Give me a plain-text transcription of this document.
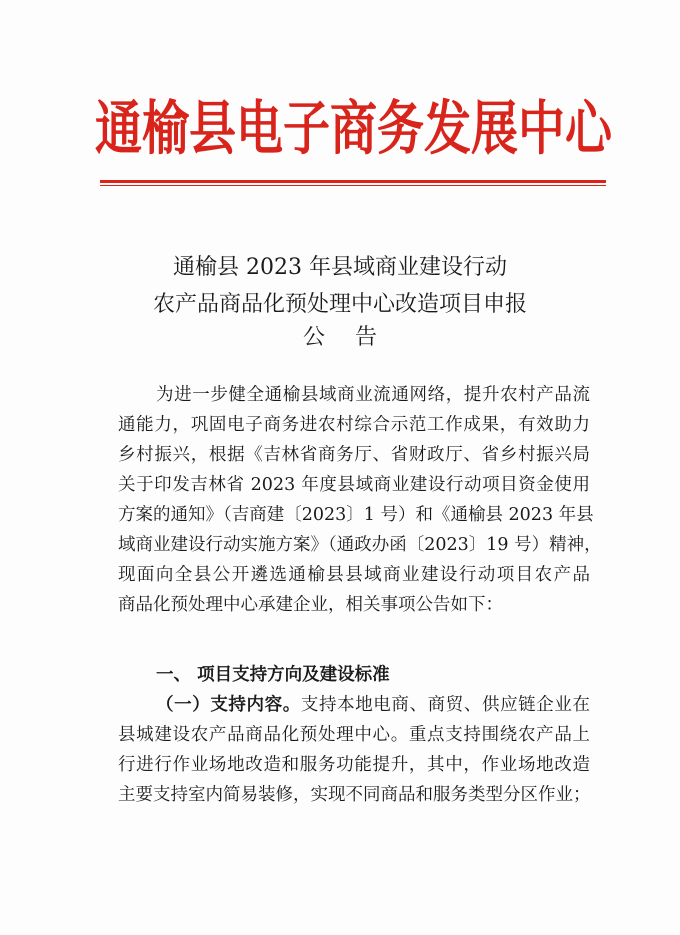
通榆县电子商务发展中心
通榆县 2023 年县域商业建设行动
农产品商品化预处理中心改造项目申报
公告
为进一步健全通榆县域商业流通网络，提升农村产品流
通能力，巩固电子商务进农村综合示范工作成果，有效助力
乡村振兴，根据《吉林省商务厅、省财政厅、省乡村振兴局
关于印发吉林省 2023 年度县域商业建设行动项目资金使用
方案的通知》（吉商建〔2023〕1 号）和《通榆县 2023 年县
域商业建设行动实施方案》（通政办函〔2023〕19 号）精神，
现面向全县公开遴选通榆县县域商业建设行动项目农产品
商品化预处理中心承建企业，相关事项公告如下：
一、 项目支持方向及建设标准
（一）支持内容。支持本地电商、商贸、供应链企业在
县城建设农产品商品化预处理中心。重点支持围绕农产品上
行进行作业场地改造和服务功能提升，其中，作业场地改造
主要支持室内简易装修，实现不同商品和服务类型分区作业；
